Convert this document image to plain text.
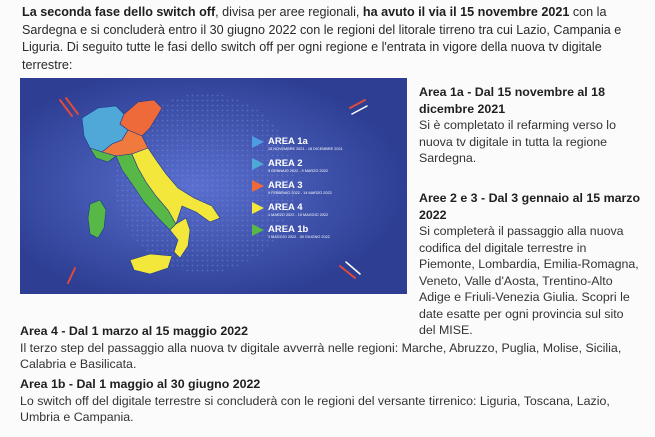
La seconda fase dello switch off, divisa per aree regionali, ha avuto il via il 15 novembre 2021 con la Sardegna e si concluderà entro il 30 giugno 2022 con le regioni del litorale tirreno tra cui Lazio, Campania e Liguria. Di seguito tutte le fasi dello switch off per ogni regione e l'entrata in vigore della nuova tv digitale terrestre:

AREA 1a
15 NOVEMBRE 2021 - 18 DICEMBRE 2021
AREA 2
3 GENNAIO 2022 - 9 MARZO 2022
AREA 3
9 FEBBRAIO 2022 - 14 MARZO 2022
AREA 4
1 MARZO 2022 - 15 MAGGIO 2022
AREA 1b
1 MAGGIO 2022 - 30 GIUGNO 2022

Area 1a - Dal 15 novembre al 18 dicembre 2021

Si è completato il refarming verso lo nuova tv digitale in tutta la regione Sardegna.

Aree 2 e 3 - Dal 3 gennaio al 15 marzo 2022

Si completerà il passaggio alla nuova codifica del digitale terrestre in Piemonte, Lombardia, Emilia-Romagna, Veneto, Valle d'Aosta, Trentino-Alto Adige e Friuli-Venezia Giulia. Scopri le date esatte per ogni provincia sul sito del MISE.

Area 4 - Dal 1 marzo al 15 maggio 2022

Il terzo step del passaggio alla nuova tv digitale avverrà nelle regioni: Marche, Abruzzo, Puglia, Molise, Sicilia, Calabria e Basilicata.

Area 1b - Dal 1 maggio al 30 giugno 2022

Lo switch off del digitale terrestre si concluderà con le regioni del versante tirrenico: Liguria, Toscana, Lazio, Umbria e Campania.
